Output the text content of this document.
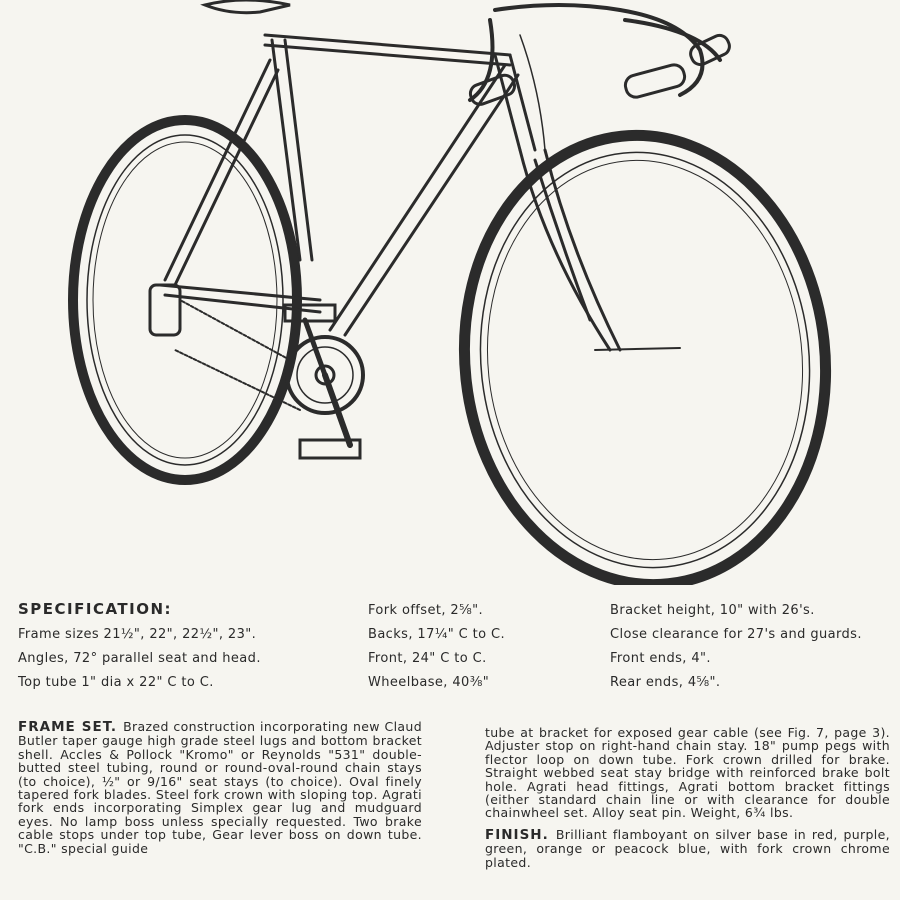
SPECIFICATION:
Frame sizes 21½", 22", 22½", 23".
Angles, 72° parallel seat and head.
Top tube 1" dia x 22" C to C.
Fork offset, 2⅝".
Backs, 17¼" C to C.
Front, 24" C to C.
Wheelbase, 40⅜"
Bracket height, 10" with 26's.
Close clearance for 27's and guards.
Front ends, 4".
Rear ends, 4⅝".
FRAME SET. Brazed construction incorporating new Claud Butler taper gauge high grade steel lugs and bottom bracket shell. Accles & Pollock "Kromo" or Reynolds "531" double-butted steel tubing, round or round-oval-round chain stays (to choice), ½" or 9/16" seat stays (to choice). Oval finely tapered fork blades. Steel fork crown with sloping top. Agrati fork ends incorporating Simplex gear lug and mudguard eyes. No lamp boss unless specially requested. Two brake cable stops under top tube, Gear lever boss on down tube. "C.B." special guide
tube at bracket for exposed gear cable (see Fig. 7, page 3). Adjuster stop on right-hand chain stay. 18" pump pegs with flector loop on down tube. Fork crown drilled for brake. Straight webbed seat stay bridge with reinforced brake bolt hole. Agrati head fittings, Agrati bottom bracket fittings (either standard chain line or with clearance for double chainwheel set. Alloy seat pin. Weight, 6¾ lbs.
FINISH. Brilliant flamboyant on silver base in red, purple, green, orange or peacock blue, with fork crown chrome plated.
